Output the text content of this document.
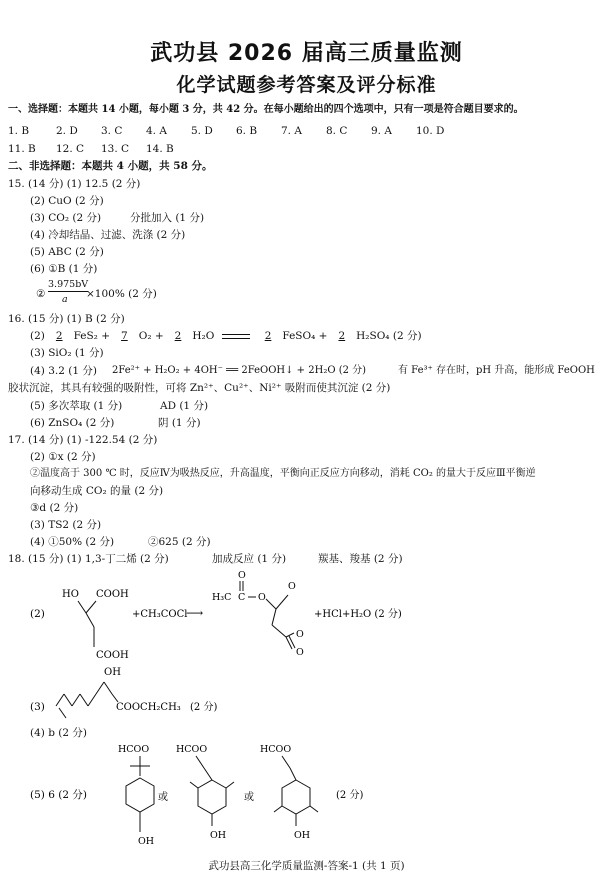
武功县 2026 届高三质量监测
化学试题参考答案及评分标准
一、选择题：本题共 14 小题，每小题 3 分，共 42 分。在每小题给出的四个选项中，只有一项是符合题目要求的。
1. B	2. D 3. C 4. A 5. D 6. B 7. A 8. C 9. A 10. D
11. B 12. C 13. C 14. B
二、非选择题：本题共 4 小题，共 58 分。
15. (14 分) (1) 12.5 (2 分)
(2) CuO (2 分)
(3) CO₂ (2 分)	分批加入 (1 分)
(4) 冷却结晶、过滤、洗涤 (2 分)
(5) ABC (2 分)
(6) ①B (1 分)
②
3.975bV
a ×100% (2 分)
16. (15 分) (1) B (2 分)
(2) 2 FeS₂ + 7 O₂ + 2 H₂O	2 FeSO₄ + 2 H₂SO₄ (2 分)
(3) SiO₂ (1 分)
(4) 3.2 (1 分) 2Fe²⁺ + H₂O₂ + 4OH⁻ ══ 2FeOOH↓ + 2H₂O (2 分)	有 Fe³⁺ 存在时，pH 升高，能形成 FeOOH
胶状沉淀，其具有较强的吸附性，可将 Zn²⁺、Cu²⁺、Ni²⁺ 吸附而使其沉淀 (2 分)
(5) 多次萃取 (1 分)	AD (1 分)
(6) ZnSO₄ (2 分)	阴 (1 分)
17. (14 分) (1) -122.54 (2 分)
(2) ①x (2 分)
②温度高于 300 ℃ 时，反应Ⅳ为吸热反应，升高温度，平衡向正反应方向移动，消耗 CO₂ 的量大于反应Ⅲ平衡逆
向移动生成 CO₂ 的量 (2 分)
③d (2 分)
(3) TS2 (2 分)
(4) ①50% (2 分)	②625 (2 分)
18. (15 分) (1) 1,3-丁二烯 (2 分)	加成反应 (1 分)	羰基、羧基 (2 分)
(2)
HO COOH
COOH
+CH₃COCl
⟶
H₃C C
O
O
O
O
O
+HCl+H₂O (2 分)
(3)
OH
COOCH₂CH₃ (2 分)
(4) b (2 分)
(5) 6 (2 分)
HCOO
OH
或
HCOO
OH
或
HCOO
OH
(2 分)
武功县高三化学质量监测-答案-1 (共 1 页)
